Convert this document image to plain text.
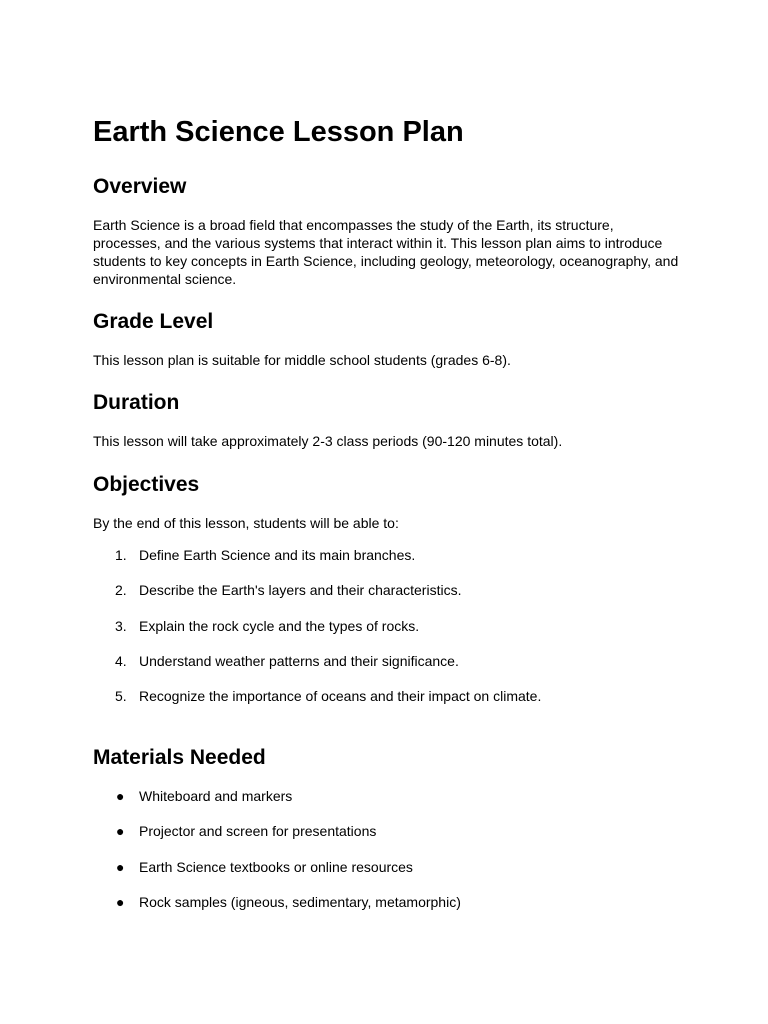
Earth Science Lesson Plan
Overview

Earth Science is a broad field that encompasses the study of the Earth, its structure, processes, and the various systems that interact within it. This lesson plan aims to introduce students to key concepts in Earth Science, including geology, meteorology, oceanography, and environmental science.

Grade Level

This lesson plan is suitable for middle school students (grades 6-8).

Duration

This lesson will take approximately 2-3 class periods (90-120 minutes total).

Objectives

By the end of this lesson, students will be able to:

1. Define Earth Science and its main branches.
2. Describe the Earth's layers and their characteristics.
3. Explain the rock cycle and the types of rocks.
4. Understand weather patterns and their significance.
5. Recognize the importance of oceans and their impact on climate.
Materials Needed
● Whiteboard and markers
● Projector and screen for presentations
● Earth Science textbooks or online resources
● Rock samples (igneous, sedimentary, metamorphic)
